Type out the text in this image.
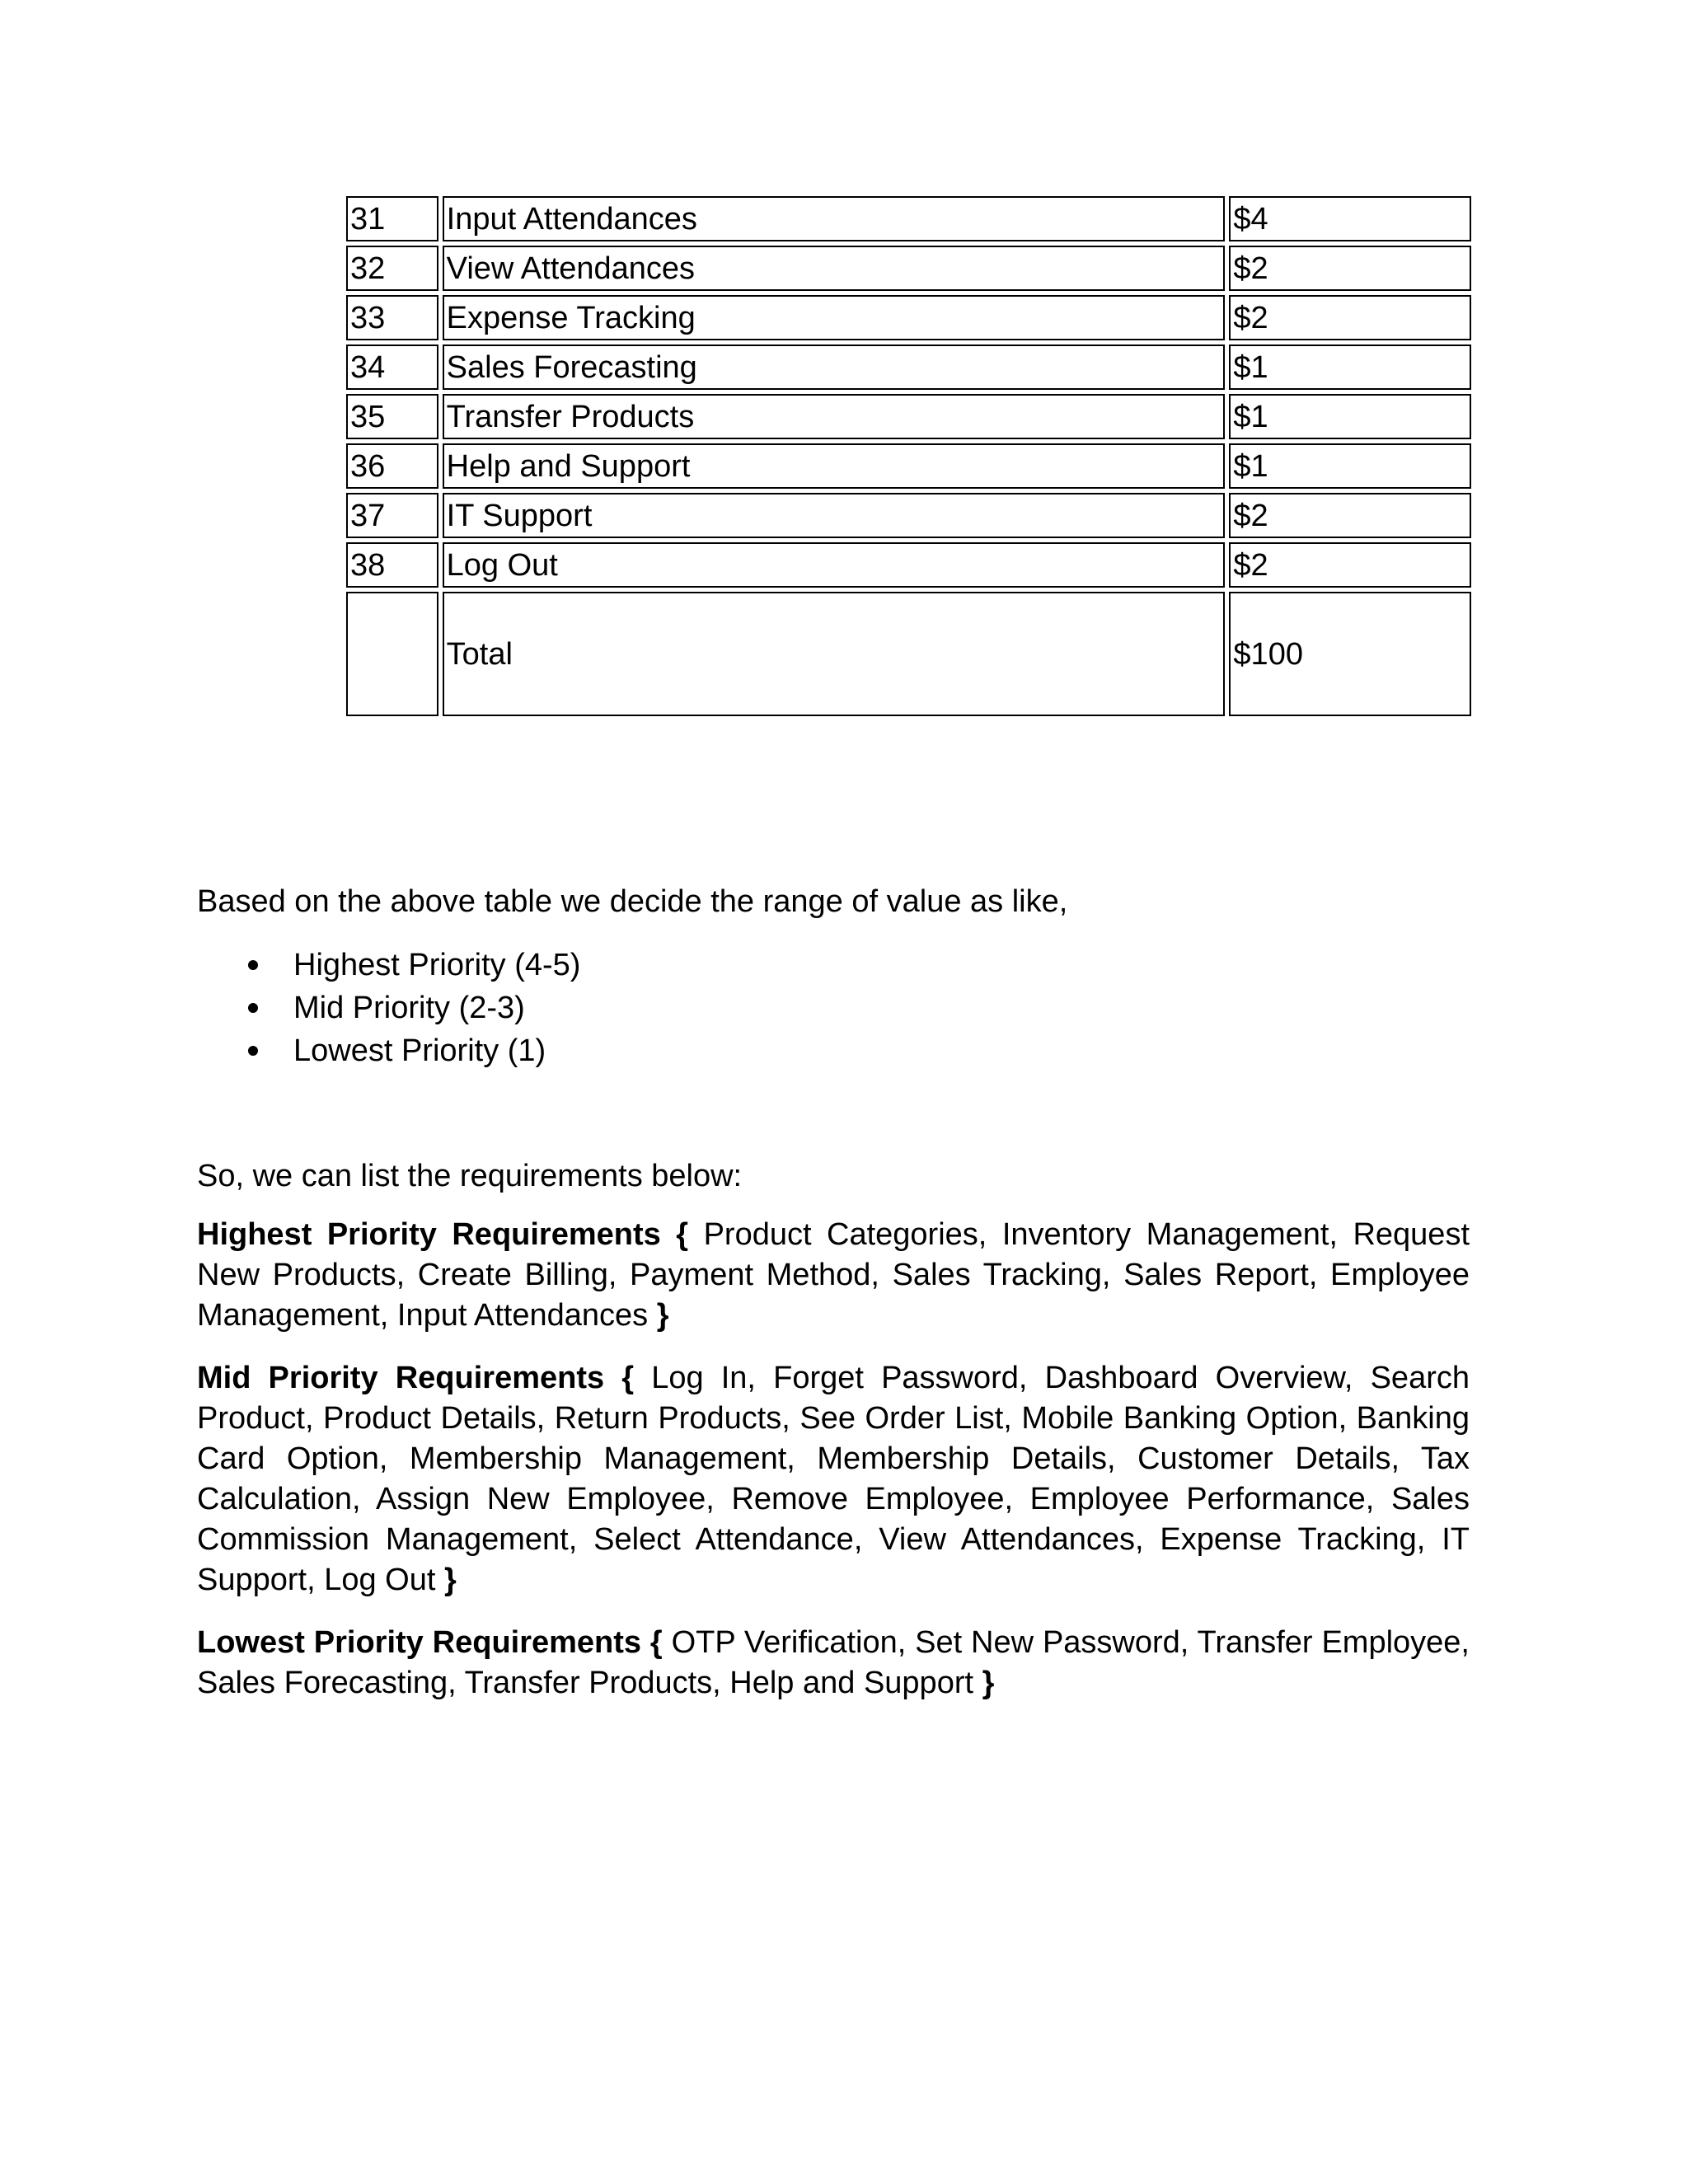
31	Input Attendances	$4
32	View Attendances	$2
33	Expense Tracking	$2
34	Sales Forecasting	$1
35	Transfer Products	$1
36	Help and Support	$1
37	IT Support	$2
38	Log Out	$2
	Total	$100

Based on the above table we decide the range of value as like,

Highest Priority (4-5)
Mid Priority (2-3)
Lowest Priority (1)

So, we can list the requirements below:

Highest Priority Requirements { Product Categories, Inventory Management, Request New Products, Create Billing, Payment Method, Sales Tracking, Sales Report, Employee Management, Input Attendances }

Mid Priority Requirements { Log In, Forget Password, Dashboard Overview, Search Product, Product Details, Return Products, See Order List, Mobile Banking Option, Banking Card Option, Membership Management, Membership Details, Customer Details, Tax Calculation, Assign New Employee, Remove Employee, Employee Performance, Sales Commission Management, Select Attendance, View Attendances, Expense Tracking, IT Support, Log Out }

Lowest Priority Requirements { OTP Verification, Set New Password, Transfer Employee, Sales Forecasting, Transfer Products, Help and Support }
